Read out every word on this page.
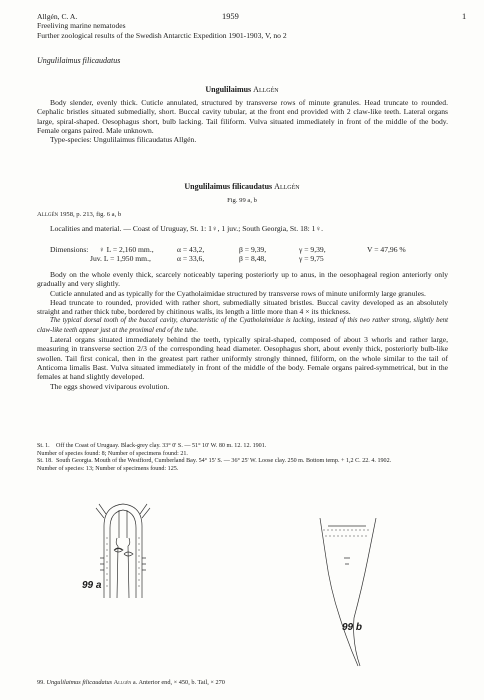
Allgén, C. A.
Freeliving marine nematodes
Further zoological results of the Swedish Antarctic Expedition 1901-1903, V, no 2
1959	1
Ungulilaimus filicaudatus
Ungulilaimus Allgén

Body slender, evenly thick. Cuticle annulated, structured by transverse rows of minute granules. Head truncate to rounded. Cephalic bristles situated submedially, short. Buccal cavity tubular, at the front end provided with 2 claw-like teeth. Lateral organs large, spiral-shaped. Oesophagus short, bulb lacking. Tail filiform. Vulva situated immediately in front of the middle of the body. Female organs paired. Male unknown.

Type-species: Ungulilaimus filicaudatus Allgén.

Ungulilaimus filicaudatus Allgén
Fig. 99 a, b
Allgén 1958, p. 213, fig. 6 a, b

Localities and material. — Coast of Uruguay, St. 1: 1♀, 1 juv.; South Georgia, St. 18: 1♀.

Dimensions: ♀ L = 2,160 mm.,	α = 43,2,	β = 9,39,	γ = 9,39,	V = 47,96 %
Juv. L = 1,950 mm.,	α = 33,6,	β = 8,48,	γ = 9,75

Body on the whole evenly thick, scarcely noticeably tapering posteriorly up to anus, in the oesophageal region anteriorly only gradually and very slightly.

Cuticle annulated and as typically for the Cyatholaimidae structured by transverse rows of minute uniformly large granules.

Head truncate to rounded, provided with rather short, submedially situated bristles. Buccal cavity developed as an absolutely straight and rather thick tube, bordered by chitinous walls, its length a little more than 4 × its thickness.

The typical dorsal tooth of the buccal cavity, characteristic of the Cyatholaimidae is lacking, instead of this two rather strong, slightly bent claw-like teeth appear just at the proximal end of the tube.

Lateral organs situated immediately behind the teeth, typically spiral-shaped, composed of about 3 whorls and rather large, measuring in transverse section 2/3 of the corresponding head diameter. Oesophagus short, about evenly thick, posteriorly bulb-like swollen. Tail first conical, then in the greatest part rather uniformly strongly thinned, filiform, on the whole similar to the tail of Anticoma limalis Bast. Vulva situated immediately in front of the middle of the body. Female organs paired-symmetrical, but in the females at hand slightly developed.

The eggs showed viviparous evolution.

St. 1.	Off the Coast of Uruguay. Black-grey clay. 33° 0' S. — 51° 10' W. 80 m. 12. 12. 1901.
Number of species found: 8; Number of specimens found: 21.
St. 18. South Georgia. Mouth of the Westfiord, Cumberland Bay. 54° 15' S. — 36° 25' W. Loose clay. 250 m. Bottom temp. + 1,2 C. 22. 4. 1902.
Number of species: 13; Number of specimens found: 125.
99 a
99 b
99. Ungulilaimus filicaudatus Allgén a. Anterior end, × 450, b. Tail, × 270
